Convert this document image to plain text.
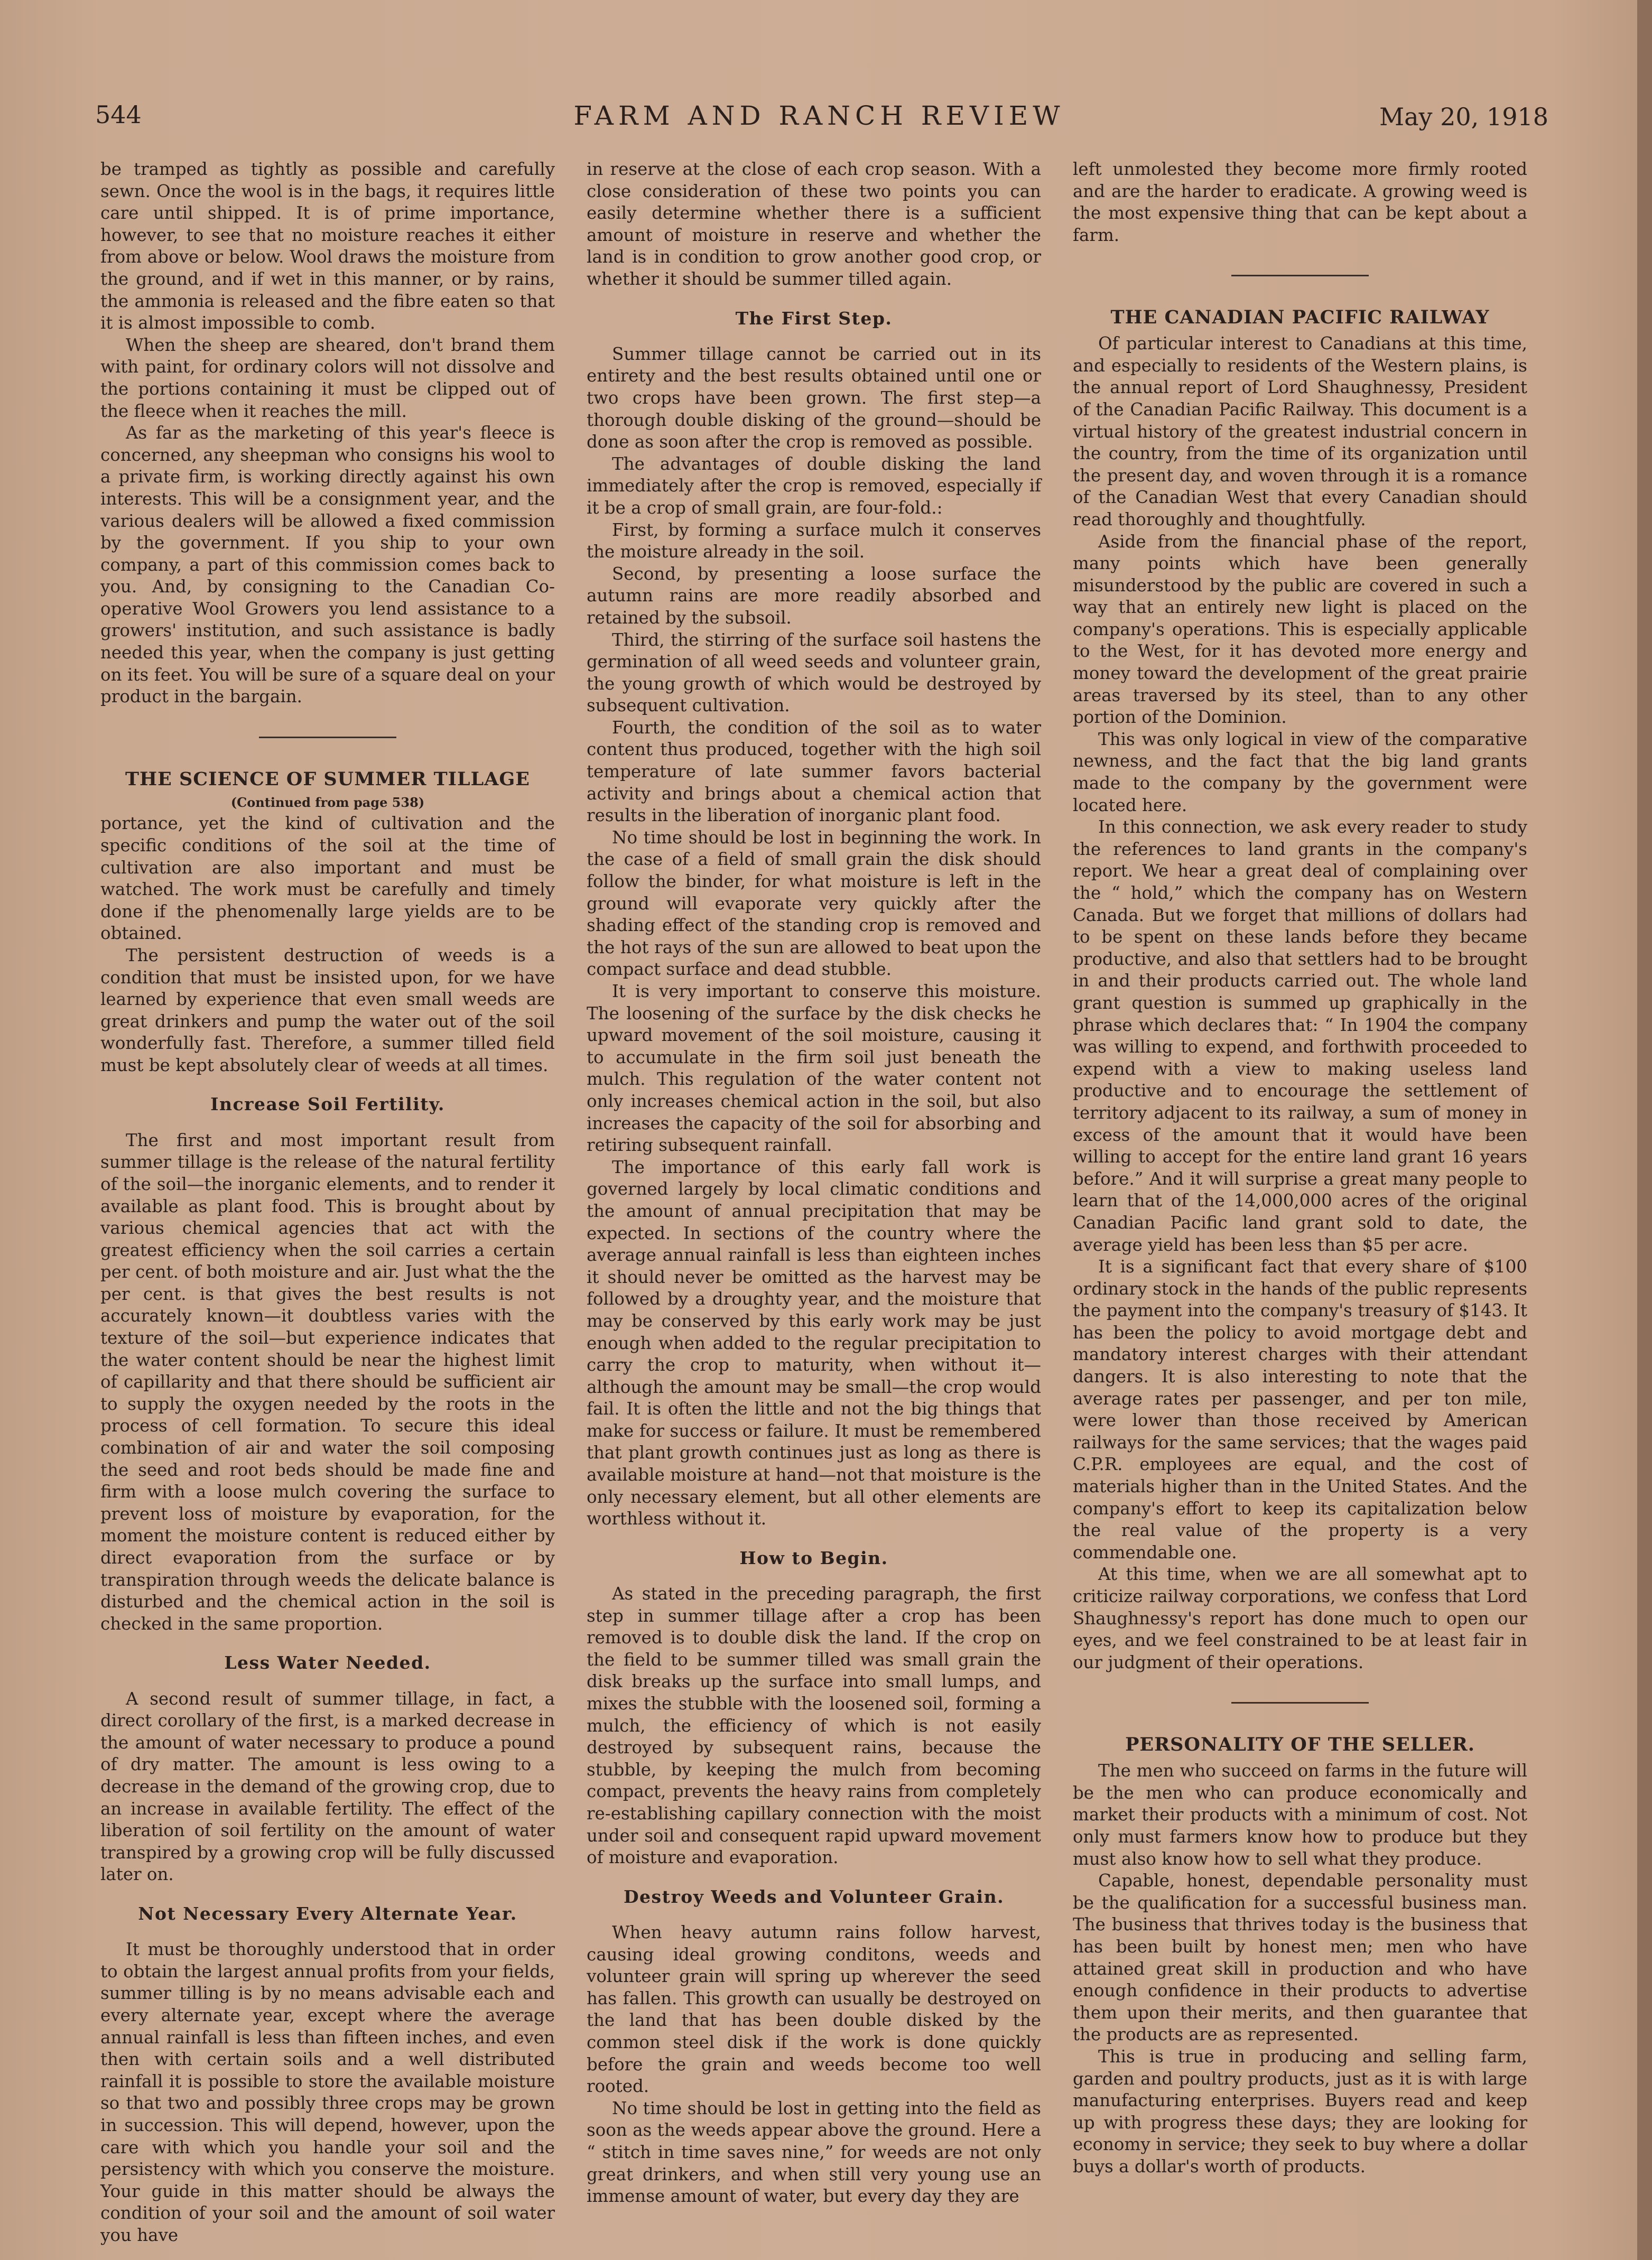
FARM AND RANCH REVIEW
544	May 20, 1918

be tramped as tightly as possible and carefully sewn. Once the wool is in the bags, it requires little care until shipped. It is of prime importance, however, to see that no moisture reaches it either from above or below. Wool draws the moisture from the ground, and if wet in this manner, or by rains, the ammonia is released and the fibre eaten so that it is almost impossible to comb.

When the sheep are sheared, don't brand them with paint, for ordinary colors will not dissolve and the portions containing it must be clipped out of the fleece when it reaches the mill.

As far as the marketing of this year's fleece is concerned, any sheepman who consigns his wool to a private firm, is working directly against his own interests. This will be a consignment year, and the various dealers will be allowed a fixed commission by the government. If you ship to your own company, a part of this commission comes back to you. And, by consigning to the Canadian Co-operative Wool Growers you lend assistance to a growers' institution, and such assistance is badly needed this year, when the company is just getting on its feet. You will be sure of a square deal on your product in the bargain.

THE SCIENCE OF SUMMER TILLAGE
(Continued from page 538)

portance, yet the kind of cultivation and the specific conditions of the soil at the time of cultivation are also important and must be watched. The work must be carefully and timely done if the phenomenally large yields are to be obtained.

The persistent destruction of weeds is a condition that must be insisted upon, for we have learned by experience that even small weeds are great drinkers and pump the water out of the soil wonderfully fast. Therefore, a summer tilled field must be kept absolutely clear of weeds at all times.

Increase Soil Fertility.

The first and most important result from summer tillage is the release of the natural fertility of the soil—the inorganic elements, and to render it available as plant food. This is brought about by various chemical agencies that act with the greatest efficiency when the soil carries a certain per cent. of both moisture and air. Just what the the per cent. is that gives the best results is not accurately known—it doubtless varies with the texture of the soil—but experience indicates that the water content should be near the highest limit of capillarity and that there should be sufficient air to supply the oxygen needed by the roots in the process of cell formation. To secure this ideal combination of air and water the soil composing the seed and root beds should be made fine and firm with a loose mulch covering the surface to prevent loss of moisture by evaporation, for the moment the moisture content is reduced either by direct evaporation from the surface or by transpiration through weeds the delicate balance is disturbed and the chemical action in the soil is checked in the same proportion.

Less Water Needed.

A second result of summer tillage, in fact, a direct corollary of the first, is a marked decrease in the amount of water necessary to produce a pound of dry matter. The amount is less owing to a decrease in the demand of the growing crop, due to an increase in available fertility. The effect of the liberation of soil fertility on the amount of water transpired by a growing crop will be fully discussed later on.

Not Necessary Every Alternate Year.

It must be thoroughly understood that in order to obtain the largest annual profits from your fields, summer tilling is by no means advisable each and every alternate year, except where the average annual rainfall is less than fifteen inches, and even then with certain soils and a well distributed rainfall it is possible to store the available moisture so that two and possibly three crops may be grown in succession. This will depend, however, upon the care with which you handle your soil and the persistency with which you conserve the moisture. Your guide in this matter should be always the condition of your soil and the amount of soil water you have

in reserve at the close of each crop season. With a close consideration of these two points you can easily determine whether there is a sufficient amount of moisture in reserve and whether the land is in condition to grow another good crop, or whether it should be summer tilled again.

The First Step.

Summer tillage cannot be carried out in its entirety and the best results obtained until one or two crops have been grown. The first step—a thorough double disking of the ground—should be done as soon after the crop is removed as possible.

The advantages of double disking the land immediately after the crop is removed, especially if it be a crop of small grain, are four-fold.:

First, by forming a surface mulch it conserves the moisture already in the soil.

Second, by presenting a loose surface the autumn rains are more readily absorbed and retained by the subsoil.

Third, the stirring of the surface soil hastens the germination of all weed seeds and volunteer grain, the young growth of which would be destroyed by subsequent cultivation.

Fourth, the condition of the soil as to water content thus produced, together with the high soil temperature of late summer favors bacterial activity and brings about a chemical action that results in the liberation of inorganic plant food.

No time should be lost in beginning the work. In the case of a field of small grain the disk should follow the binder, for what moisture is left in the ground will evaporate very quickly after the shading effect of the standing crop is removed and the hot rays of the sun are allowed to beat upon the compact surface and dead stubble.

It is very important to conserve this moisture. The loosening of the surface by the disk checks he upward movement of the soil moisture, causing it to accumulate in the firm soil just beneath the mulch. This regulation of the water content not only increases chemical action in the soil, but also increases the capacity of the soil for absorbing and retiring subsequent rainfall.

The importance of this early fall work is governed largely by local climatic conditions and the amount of annual precipitation that may be expected. In sections of the country where the average annual rainfall is less than eighteen inches it should never be omitted as the harvest may be followed by a droughty year, and the moisture that may be conserved by this early work may be just enough when added to the regular precipitation to carry the crop to maturity, when without it—although the amount may be small—the crop would fail. It is often the little and not the big things that make for success or failure. It must be remembered that plant growth continues just as long as there is available moisture at hand—not that moisture is the only necessary element, but all other elements are worthless without it.

How to Begin.

As stated in the preceding paragraph, the first step in summer tillage after a crop has been removed is to double disk the land. If the crop on the field to be summer tilled was small grain the disk breaks up the surface into small lumps, and mixes the stubble with the loosened soil, forming a mulch, the efficiency of which is not easily destroyed by subsequent rains, because the stubble, by keeping the mulch from becoming compact, prevents the heavy rains from completely re-establishing capillary connection with the moist under soil and consequent rapid upward movement of moisture and evaporation.

Destroy Weeds and Volunteer Grain.

When heavy autumn rains follow harvest, causing ideal growing conditons, weeds and volunteer grain will spring up wherever the seed has fallen. This growth can usually be destroyed on the land that has been double disked by the common steel disk if the work is done quickly before the grain and weeds become too well rooted.

No time should be lost in getting into the field as soon as the weeds appear above the ground. Here a “ stitch in time saves nine,” for weeds are not only great drinkers, and when still very young use an immense amount of water, but every day they are

left unmolested they become more firmly rooted and are the harder to eradicate. A growing weed is the most expensive thing that can be kept about a farm.

THE CANADIAN PACIFIC RAILWAY

Of particular interest to Canadians at this time, and especially to residents of the Western plains, is the annual report of Lord Shaughnessy, President of the Canadian Pacific Railway. This document is a virtual history of the greatest industrial concern in the country, from the time of its organization until the present day, and woven through it is a romance of the Canadian West that every Canadian should read thoroughly and thoughtfully.

Aside from the financial phase of the report, many points which have been generally misunderstood by the public are covered in such a way that an entirely new light is placed on the company's operations. This is especially applicable to the West, for it has devoted more energy and money toward the development of the great prairie areas traversed by its steel, than to any other portion of the Dominion.

This was only logical in view of the comparative newness, and the fact that the big land grants made to the company by the government were located here.

In this connection, we ask every reader to study the references to land grants in the company's report. We hear a great deal of complaining over the “ hold,” which the company has on Western Canada. But we forget that millions of dollars had to be spent on these lands before they became productive, and also that settlers had to be brought in and their products carried out. The whole land grant question is summed up graphically in the phrase which declares that: “ In 1904 the company was willing to expend, and forthwith proceeded to expend with a view to making useless land productive and to encourage the settlement of territory adjacent to its railway, a sum of money in excess of the amount that it would have been willing to accept for the entire land grant 16 years before.” And it will surprise a great many people to learn that of the 14,000,000 acres of the original Canadian Pacific land grant sold to date, the average yield has been less than $5 per acre.

It is a significant fact that every share of $100 ordinary stock in the hands of the public represents the payment into the company's treasury of $143. It has been the policy to avoid mortgage debt and mandatory interest charges with their attendant dangers. It is also interesting to note that the average rates per passenger, and per ton mile, were lower than those received by American railways for the same services; that the wages paid C.P.R. employees are equal, and the cost of materials higher than in the United States. And the company's effort to keep its capitalization below the real value of the property is a very commendable one.

At this time, when we are all somewhat apt to criticize railway corporations, we confess that Lord Shaughnessy's report has done much to open our eyes, and we feel constrained to be at least fair in our judgment of their operations.

PERSONALITY OF THE SELLER.

The men who succeed on farms in the future will be the men who can produce economically and market their products with a minimum of cost. Not only must farmers know how to produce but they must also know how to sell what they produce.

Capable, honest, dependable personality must be the qualification for a successful business man. The business that thrives today is the business that has been built by honest men; men who have attained great skill in production and who have enough confidence in their products to advertise them upon their merits, and then guarantee that the products are as represented.

This is true in producing and selling farm, garden and poultry products, just as it is with large manufacturing enterprises. Buyers read and keep up with progress these days; they are looking for economy in service; they seek to buy where a dollar buys a dollar's worth of products.
